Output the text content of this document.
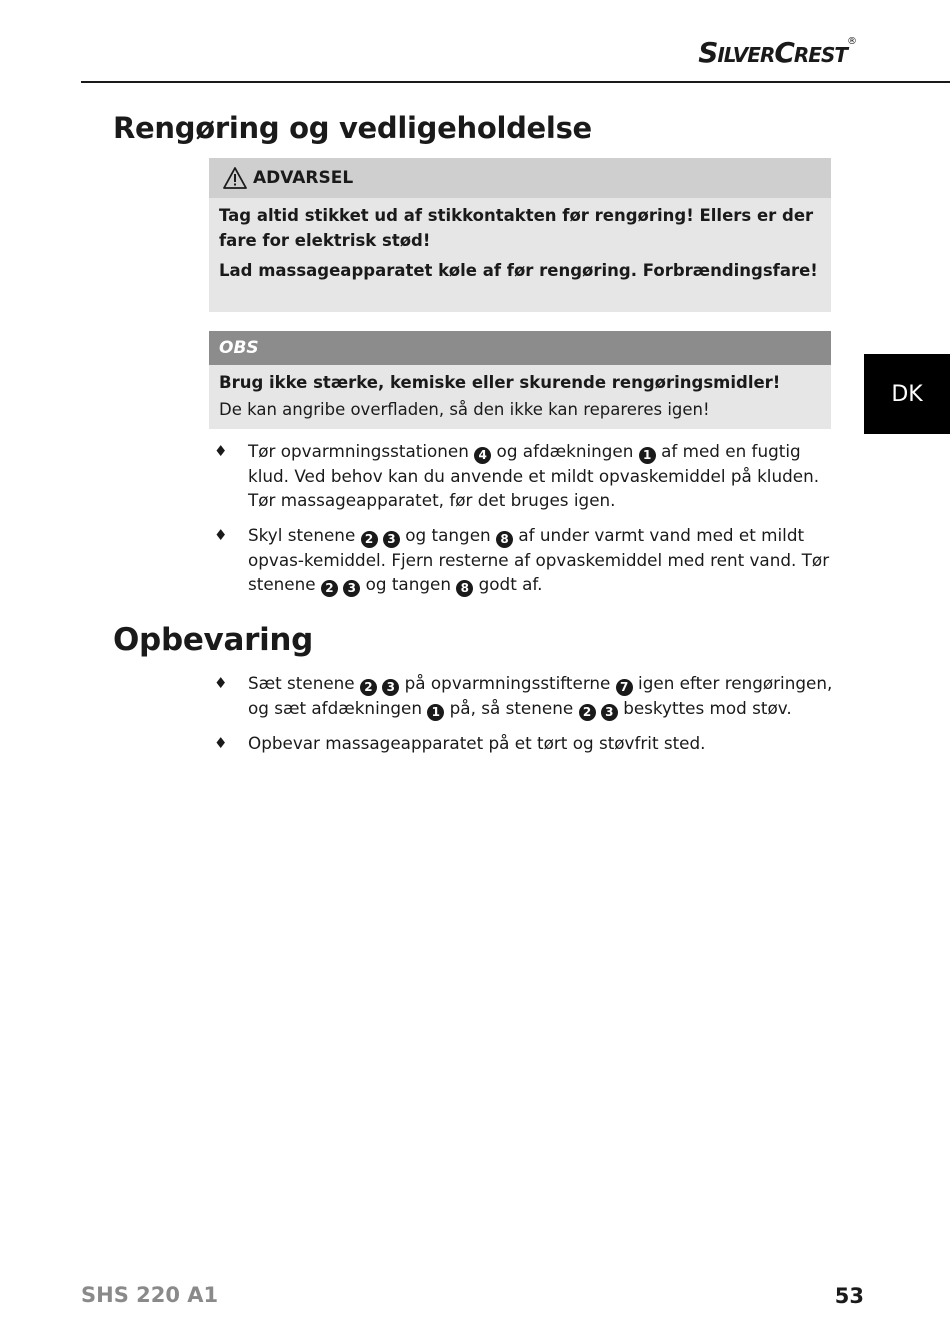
SilverCrest®
Rengøring og vedligeholdelse
ADVARSEL

Tag altid stikket ud af stikkontakten før rengøring! Ellers er der fare for elektrisk stød!

Lad massageapparatet køle af før rengøring. Forbrændingsfare!

OBS

Brug ikke stærke, kemiske eller skurende rengøringsmidler!

De kan angribe overfladen, så den ikke kan repareres igen!

♦ Tør opvarmningsstationen 4 og afdækningen 1 af med en fugtig klud. Ved behov kan du anvende et mildt opvaskemiddel på kluden.
Tør massageapparatet, før det bruges igen.
♦ Skyl stenene 2 3 og tangen 8 af under varmt vand med et mildt opvas-kemiddel. Fjern resterne af opvaskemiddel med rent vand. Tør stenene 2 3 og tangen 8 godt af.
Opbevaring
♦ Sæt stenene 2 3 på opvarmningsstifterne 7 igen efter rengøringen, og sæt afdækningen 1 på, så stenene 2 3 beskyttes mod støv.
♦ Opbevar massageapparatet på et tørt og støvfrit sted.
DK
SHS 220 A1	53
